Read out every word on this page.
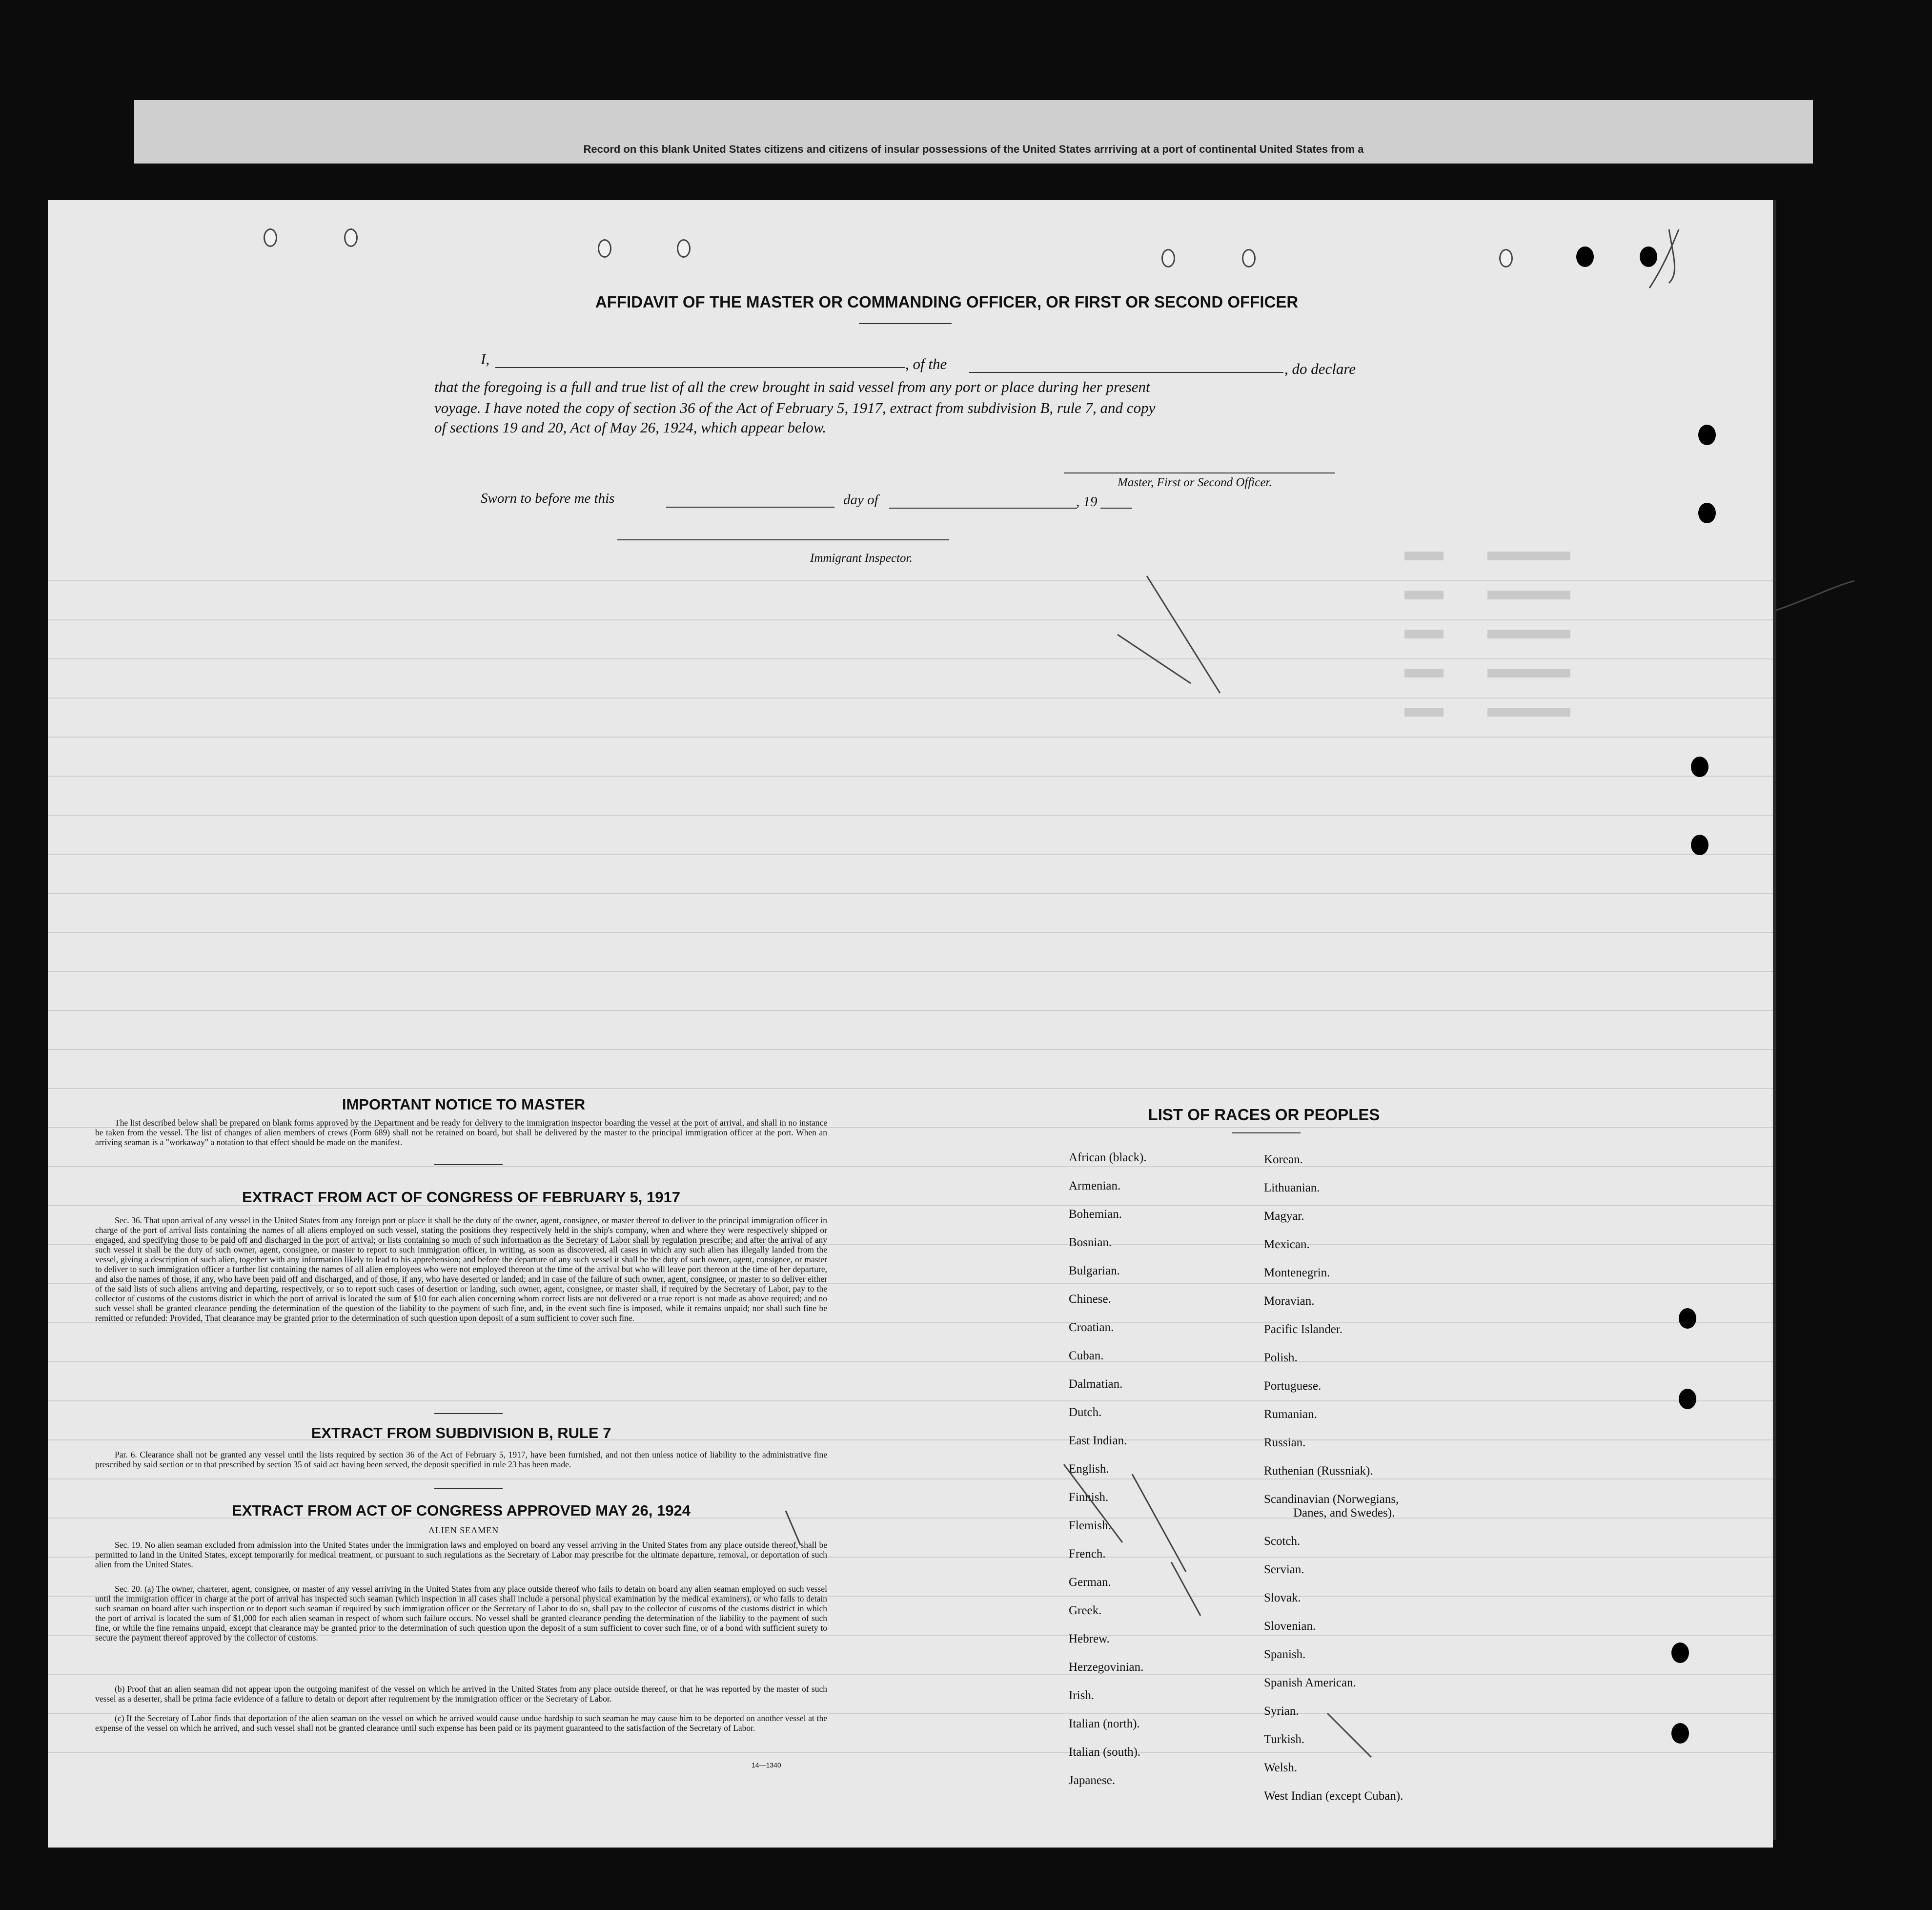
Record on this blank United States citizens and citizens of insular possessions of the United States arrriving at a port of continental United States from a
AFFIDAVIT OF THE MASTER OR COMMANDING OFFICER, OR FIRST OR SECOND OFFICER
I,	, of the	, do declare
that the foregoing is a full and true list of all the crew brought in said vessel from any port or place during her present
voyage. I have noted the copy of section 36 of the Act of February 5, 1917, extract from subdivision B, rule 7, and copy
of sections 19 and 20, Act of May 26, 1924, which appear below.
Master, First or Second Officer.
Sworn to before me this	day of	, 19
Immigrant Inspector.
IMPORTANT NOTICE TO MASTER
The list described below shall be prepared on blank forms approved by the Department and be ready for delivery to the immigration inspector boarding the vessel at the port of arrival, and shall in no instance be taken from the vessel. The list of changes of alien members of crews (Form 689) shall not be retained on board, but shall be delivered by the master to the principal immigration officer at the port. When an arriving seaman is a "workaway" a notation to that effect should be made on the manifest.
EXTRACT FROM ACT OF CONGRESS OF FEBRUARY 5, 1917
Sec. 36. That upon arrival of any vessel in the United States from any foreign port or place it shall be the duty of the owner, agent, consignee, or master thereof to deliver to the principal immigration officer in charge of the port of arrival lists containing the names of all aliens employed on such vessel, stating the positions they respectively held in the ship's company, when and where they were respectively shipped or engaged, and specifying those to be paid off and discharged in the port of arrival; or lists containing so much of such information as the Secretary of Labor shall by regulation prescribe; and after the arrival of any such vessel it shall be the duty of such owner, agent, consignee, or master to report to such immigration officer, in writing, as soon as discovered, all cases in which any such alien has illegally landed from the vessel, giving a description of such alien, together with any information likely to lead to his apprehension; and before the departure of any such vessel it shall be the duty of such owner, agent, consignee, or master to deliver to such immigration officer a further list containing the names of all alien employees who were not employed thereon at the time of the arrival but who will leave port thereon at the time of her departure, and also the names of those, if any, who have been paid off and discharged, and of those, if any, who have deserted or landed; and in case of the failure of such owner, agent, consignee, or master to so deliver either of the said lists of such aliens arriving and departing, respectively, or so to report such cases of desertion or landing, such owner, agent, consignee, or master shall, if required by the Secretary of Labor, pay to the collector of customs of the customs district in which the port of arrival is located the sum of $10 for each alien concerning whom correct lists are not delivered or a true report is not made as above required; and no such vessel shall be granted clearance pending the determination of the question of the liability to the payment of such fine, and, in the event such fine is imposed, while it remains unpaid; nor shall such fine be remitted or refunded: Provided, That clearance may be granted prior to the determination of such question upon deposit of a sum sufficient to cover such fine.
EXTRACT FROM SUBDIVISION B, RULE 7
Par. 6. Clearance shall not be granted any vessel until the lists required by section 36 of the Act of February 5, 1917, have been furnished, and not then unless notice of liability to the administrative fine prescribed by said section or to that prescribed by section 35 of said act having been served, the deposit specified in rule 23 has been made.
EXTRACT FROM ACT OF CONGRESS APPROVED MAY 26, 1924
ALIEN SEAMEN
Sec. 19. No alien seaman excluded from admission into the United States under the immigration laws and employed on board any vessel arriving in the United States from any place outside thereof, shall be permitted to land in the United States, except temporarily for medical treatment, or pursuant to such regulations as the Secretary of Labor may prescribe for the ultimate departure, removal, or deportation of such alien from the United States.
Sec. 20. (a) The owner, charterer, agent, consignee, or master of any vessel arriving in the United States from any place outside thereof who fails to detain on board any alien seaman employed on such vessel until the immigration officer in charge at the port of arrival has inspected such seaman (which inspection in all cases shall include a personal physical examination by the medical examiners), or who fails to detain such seaman on board after such inspection or to deport such seaman if required by such immigration officer or the Secretary of Labor to do so, shall pay to the collector of customs of the customs district in which the port of arrival is located the sum of $1,000 for each alien seaman in respect of whom such failure occurs. No vessel shall be granted clearance pending the determination of the liability to the payment of such fine, or while the fine remains unpaid, except that clearance may be granted prior to the determination of such question upon the deposit of a sum sufficient to cover such fine, or of a bond with sufficient surety to secure the payment thereof approved by the collector of customs.
(b) Proof that an alien seaman did not appear upon the outgoing manifest of the vessel on which he arrived in the United States from any place outside thereof, or that he was reported by the master of such vessel as a deserter, shall be prima facie evidence of a failure to detain or deport after requirement by the immigration officer or the Secretary of Labor.
(c) If the Secretary of Labor finds that deportation of the alien seaman on the vessel on which he arrived would cause undue hardship to such seaman he may cause him to be deported on another vessel at the expense of the vessel on which he arrived, and such vessel shall not be granted clearance until such expense has been paid or its payment guaranteed to the satisfaction of the Secretary of Labor.
14—1340
LIST OF RACES OR PEOPLES
African (black).
Armenian.
Bohemian.
Bosnian.
Bulgarian.
Chinese.
Croatian.
Cuban.
Dalmatian.
Dutch.
East Indian.
English.
Finnish.
Flemish.
French.
German.
Greek.
Hebrew.
Herzegovinian.
Irish.
Italian (north).
Italian (south).
Japanese.
Korean.
Lithuanian.
Magyar.
Mexican.
Montenegrin.
Moravian.
Pacific Islander.
Polish.
Portuguese.
Rumanian.
Russian.
Ruthenian (Russniak).
Scandinavian (Norwegians,
Danes, and Swedes).
Scotch.
Servian.
Slovak.
Slovenian.
Spanish.
Spanish American.
Syrian.
Turkish.
Welsh.
West Indian (except Cuban).
